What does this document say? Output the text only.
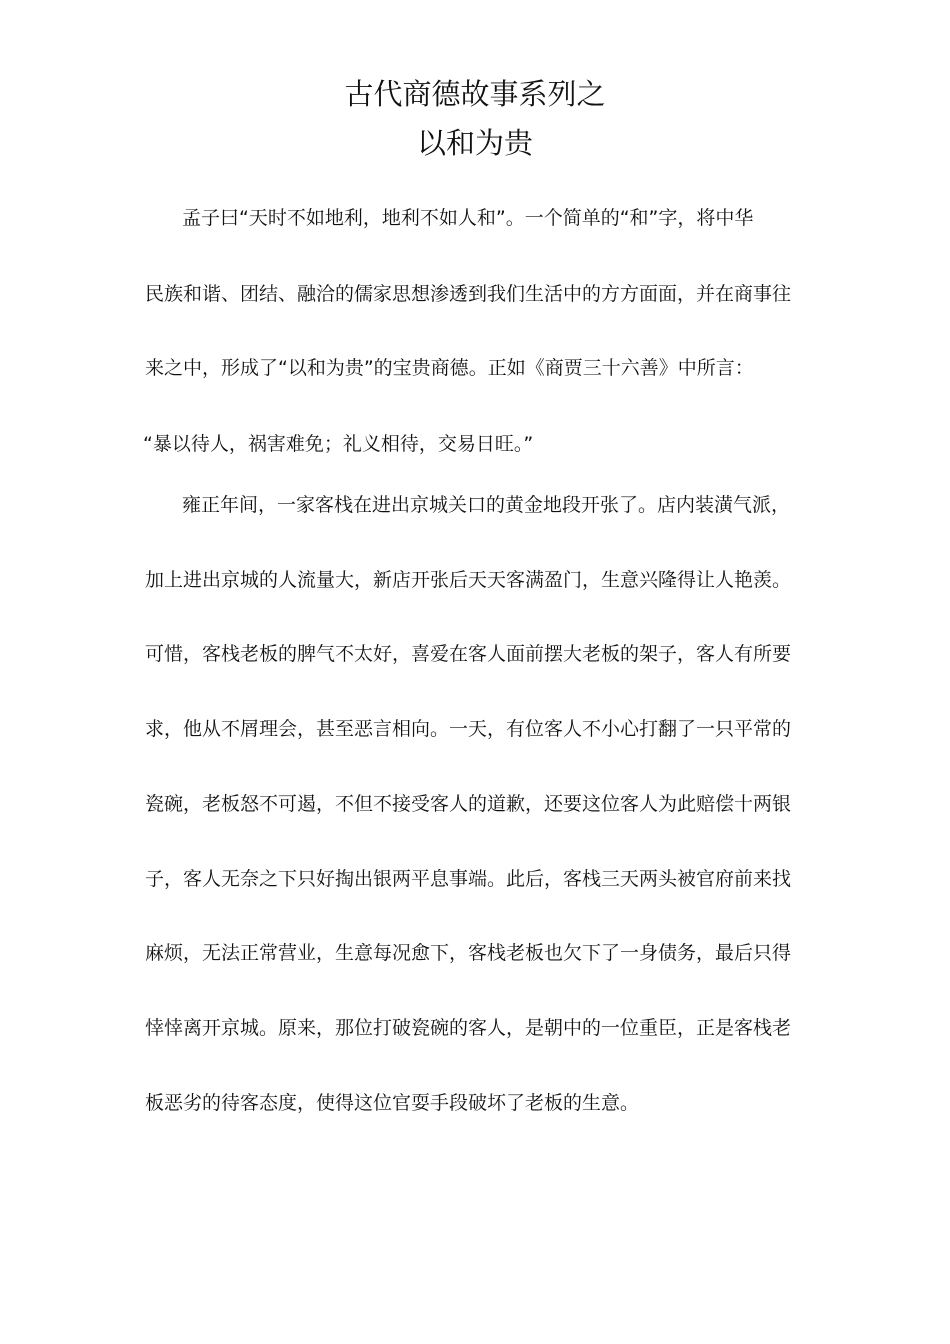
古代商德故事系列之
以和为贵

孟子曰“天时不如地利，地利不如人和”。一个简单的“和”字，将中华

民族和谐、团结、融洽的儒家思想渗透到我们生活中的方方面面，并在商事往

来之中，形成了“以和为贵”的宝贵商德。正如《商贾三十六善》中所言：

“暴以待人，祸害难免；礼义相待，交易日旺。”

雍正年间，一家客栈在进出京城关口的黄金地段开张了。店内装潢气派，

加上进出京城的人流量大，新店开张后天天客满盈门，生意兴隆得让人艳羡。

可惜，客栈老板的脾气不太好，喜爱在客人面前摆大老板的架子，客人有所要

求，他从不屑理会，甚至恶言相向。一天，有位客人不小心打翻了一只平常的

瓷碗，老板怒不可遏，不但不接受客人的道歉，还要这位客人为此赔偿十两银

子，客人无奈之下只好掏出银两平息事端。此后，客栈三天两头被官府前来找

麻烦，无法正常营业，生意每况愈下，客栈老板也欠下了一身债务，最后只得

悻悻离开京城。原来，那位打破瓷碗的客人，是朝中的一位重臣，正是客栈老

板恶劣的待客态度，使得这位官耍手段破坏了老板的生意。
